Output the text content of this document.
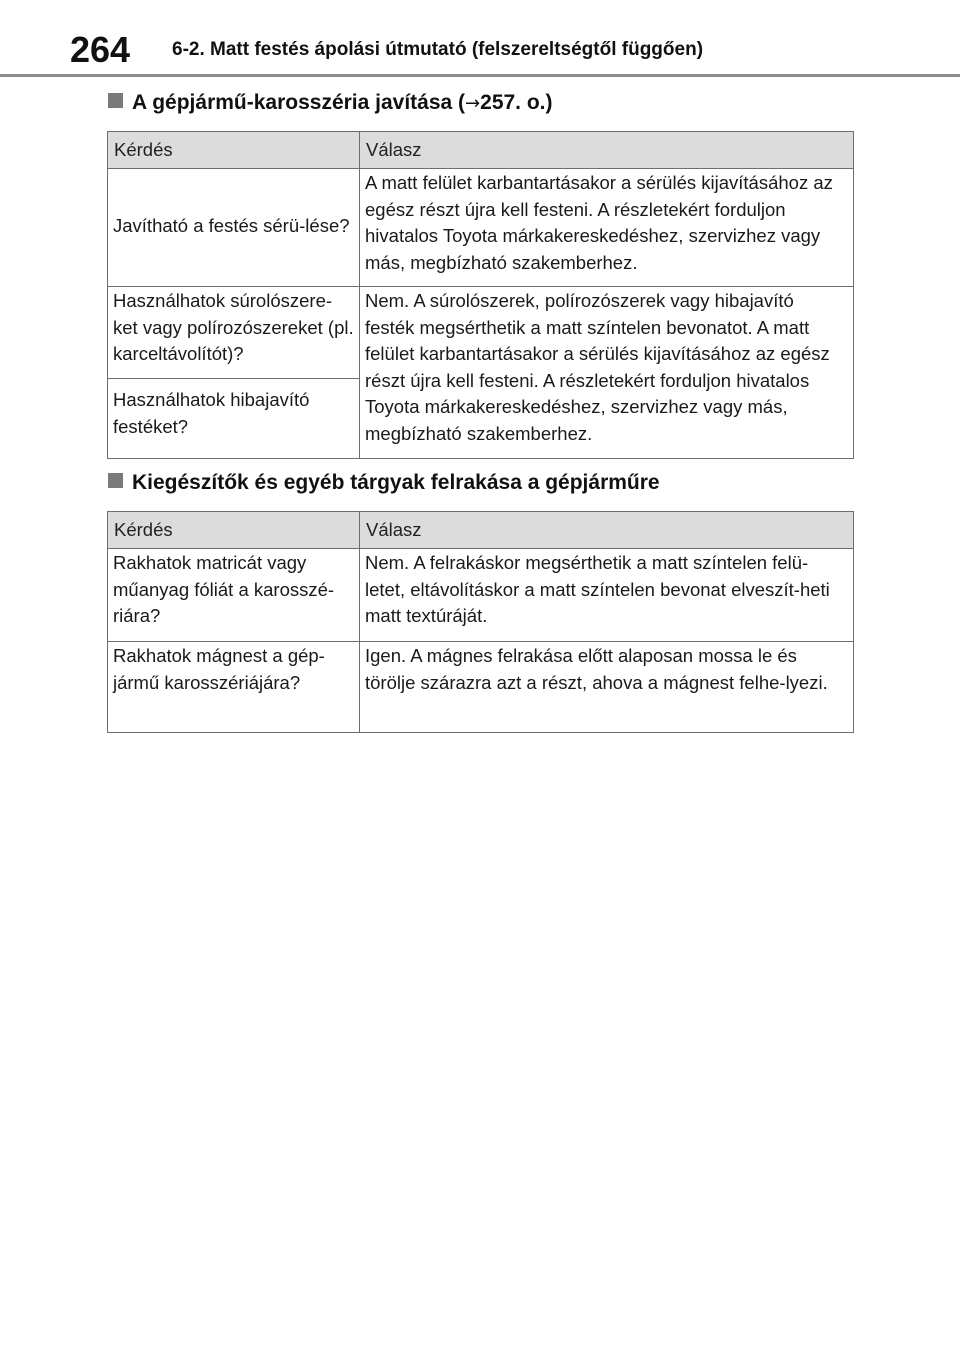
264 6-2. Matt festés ápolási útmutató (felszereltségtől függően)
A gépjármű-karosszéria javítása (→257. o.)
Kérdés	Válasz
Javítható a festés sérü-lése?	A matt felület karbantartásakor a sérülés kijavításához az egész részt újra kell festeni. A részletekért forduljon hivatalos Toyota márkakereskedéshez, szervizhez vagy más, megbízható szakemberhez.
Használhatok súrolószere-ket vagy polírozószereket (pl. karceltávolítót)?	Nem. A súrolószerek, polírozószerek vagy hibajavító festék megsérthetik a matt színtelen bevonatot. A matt felület karbantartásakor a sérülés kijavításához az egész részt újra kell festeni. A részletekért forduljon hivatalos Toyota márkakereskedéshez, szervizhez vagy más, megbízható szakemberhez.
Használhatok hibajavító festéket?	
Kiegészítők és egyéb tárgyak felrakása a gépjárműre
Kérdés	Válasz
Rakhatok matricát vagy műanyag fóliát a karosszé-riára?	Nem. A felrakáskor megsérthetik a matt színtelen felü-letet, eltávolításkor a matt színtelen bevonat elveszít-heti matt textúráját.
Rakhatok mágnest a gép-jármű karosszériájára?	Igen. A mágnes felrakása előtt alaposan mossa le és törölje szárazra azt a részt, ahova a mágnest felhe-lyezi.
